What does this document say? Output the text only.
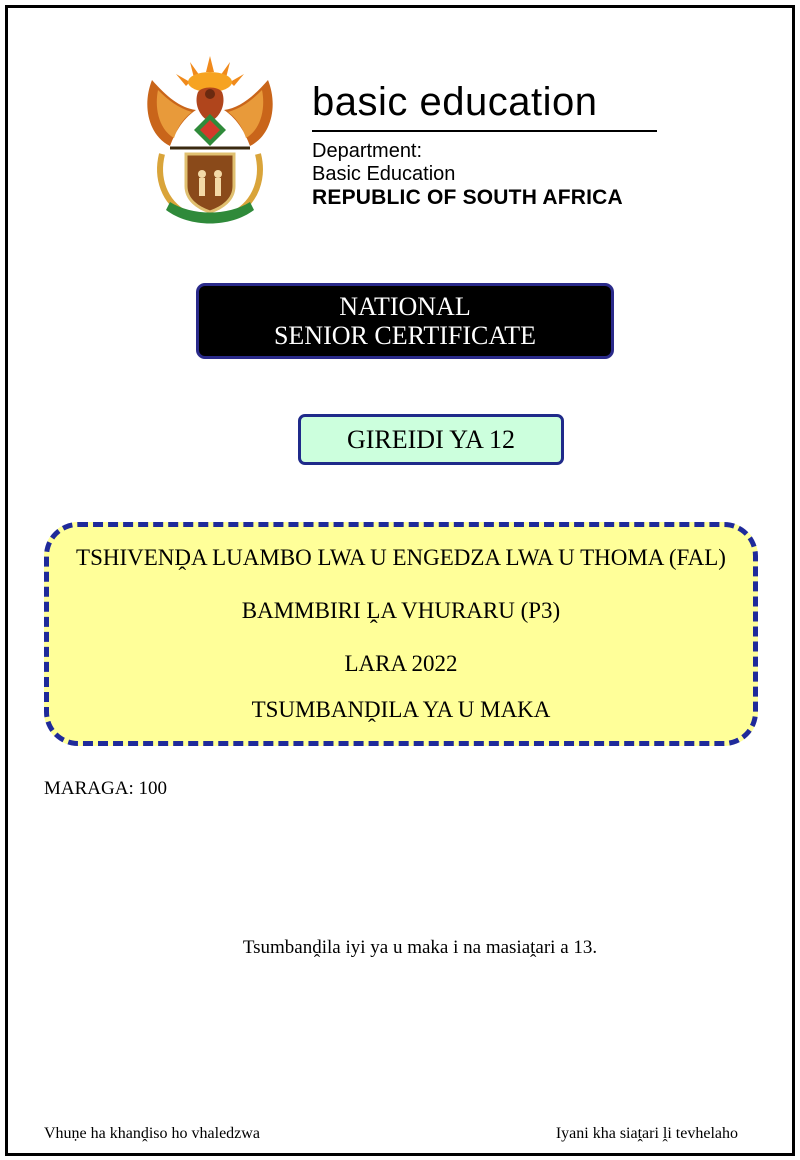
basic education
Department:
Basic Education
REPUBLIC OF SOUTH AFRICA
NATIONAL
SENIOR CERTIFICATE
GIREIDI YA 12
TSHIVENḒA LUAMBO LWA U ENGEDZA LWA U THOMA (FAL)
BAMMBIRI ḼA VHURARU (P3)
LARA 2022
TSUMBANḒILA YA U MAKA
MARAGA: 100
Tsumbanḓila iyi ya u maka i na masiaṱari a 13.
Vhuṇe ha khanḓiso ho vhaledzwa	Iyani kha siaṱari ḽi tevhelaho
